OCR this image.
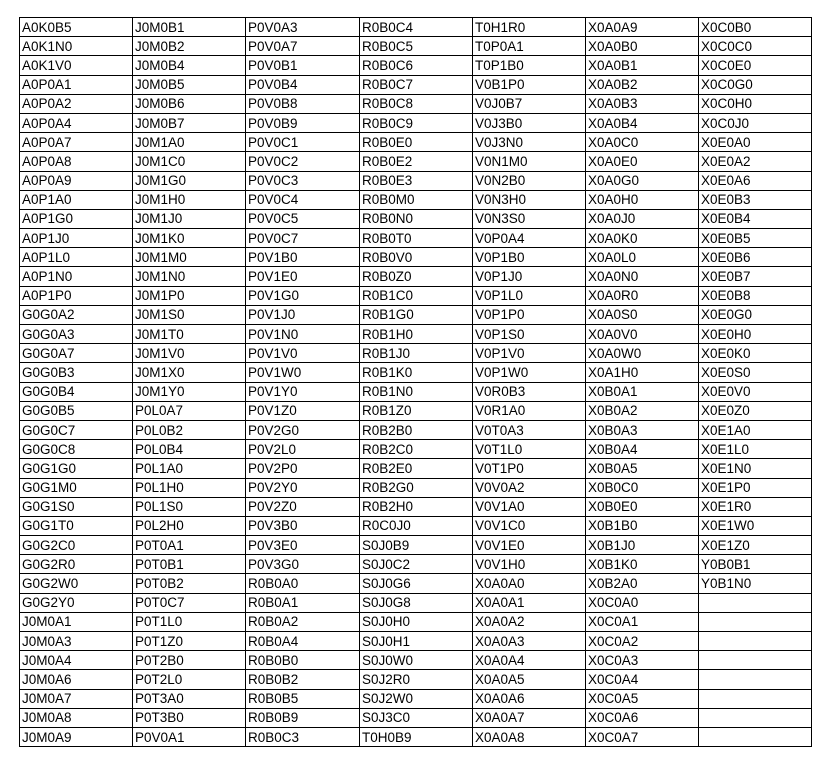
A0K0B5	J0M0B1	P0V0A3	R0B0C4	T0H1R0	X0A0A9	X0C0B0
A0K1N0	J0M0B2	P0V0A7	R0B0C5	T0P0A1	X0A0B0	X0C0C0
A0K1V0	J0M0B4	P0V0B1	R0B0C6	T0P1B0	X0A0B1	X0C0E0
A0P0A1	J0M0B5	P0V0B4	R0B0C7	V0B1P0	X0A0B2	X0C0G0
A0P0A2	J0M0B6	P0V0B8	R0B0C8	V0J0B7	X0A0B3	X0C0H0
A0P0A4	J0M0B7	P0V0B9	R0B0C9	V0J3B0	X0A0B4	X0C0J0
A0P0A7	J0M1A0	P0V0C1	R0B0E0	V0J3N0	X0A0C0	X0E0A0
A0P0A8	J0M1C0	P0V0C2	R0B0E2	V0N1M0	X0A0E0	X0E0A2
A0P0A9	J0M1G0	P0V0C3	R0B0E3	V0N2B0	X0A0G0	X0E0A6
A0P1A0	J0M1H0	P0V0C4	R0B0M0	V0N3H0	X0A0H0	X0E0B3
A0P1G0	J0M1J0	P0V0C5	R0B0N0	V0N3S0	X0A0J0	X0E0B4
A0P1J0	J0M1K0	P0V0C7	R0B0T0	V0P0A4	X0A0K0	X0E0B5
A0P1L0	J0M1M0	P0V1B0	R0B0V0	V0P1B0	X0A0L0	X0E0B6
A0P1N0	J0M1N0	P0V1E0	R0B0Z0	V0P1J0	X0A0N0	X0E0B7
A0P1P0	J0M1P0	P0V1G0	R0B1C0	V0P1L0	X0A0R0	X0E0B8
G0G0A2	J0M1S0	P0V1J0	R0B1G0	V0P1P0	X0A0S0	X0E0G0
G0G0A3	J0M1T0	P0V1N0	R0B1H0	V0P1S0	X0A0V0	X0E0H0
G0G0A7	J0M1V0	P0V1V0	R0B1J0	V0P1V0	X0A0W0	X0E0K0
G0G0B3	J0M1X0	P0V1W0	R0B1K0	V0P1W0	X0A1H0	X0E0S0
G0G0B4	J0M1Y0	P0V1Y0	R0B1N0	V0R0B3	X0B0A1	X0E0V0
G0G0B5	P0L0A7	P0V1Z0	R0B1Z0	V0R1A0	X0B0A2	X0E0Z0
G0G0C7	P0L0B2	P0V2G0	R0B2B0	V0T0A3	X0B0A3	X0E1A0
G0G0C8	P0L0B4	P0V2L0	R0B2C0	V0T1L0	X0B0A4	X0E1L0
G0G1G0	P0L1A0	P0V2P0	R0B2E0	V0T1P0	X0B0A5	X0E1N0
G0G1M0	P0L1H0	P0V2Y0	R0B2G0	V0V0A2	X0B0C0	X0E1P0
G0G1S0	P0L1S0	P0V2Z0	R0B2H0	V0V1A0	X0B0E0	X0E1R0
G0G1T0	P0L2H0	P0V3B0	R0C0J0	V0V1C0	X0B1B0	X0E1W0
G0G2C0	P0T0A1	P0V3E0	S0J0B9	V0V1E0	X0B1J0	X0E1Z0
G0G2R0	P0T0B1	P0V3G0	S0J0C2	V0V1H0	X0B1K0	Y0B0B1
G0G2W0	P0T0B2	R0B0A0	S0J0G6	X0A0A0	X0B2A0	Y0B1N0
G0G2Y0	P0T0C7	R0B0A1	S0J0G8	X0A0A1	X0C0A0	
J0M0A1	P0T1L0	R0B0A2	S0J0H0	X0A0A2	X0C0A1	
J0M0A3	P0T1Z0	R0B0A4	S0J0H1	X0A0A3	X0C0A2	
J0M0A4	P0T2B0	R0B0B0	S0J0W0	X0A0A4	X0C0A3	
J0M0A6	P0T2L0	R0B0B2	S0J2R0	X0A0A5	X0C0A4	
J0M0A7	P0T3A0	R0B0B5	S0J2W0	X0A0A6	X0C0A5	
J0M0A8	P0T3B0	R0B0B9	S0J3C0	X0A0A7	X0C0A6	
J0M0A9	P0V0A1	R0B0C3	T0H0B9	X0A0A8	X0C0A7	
